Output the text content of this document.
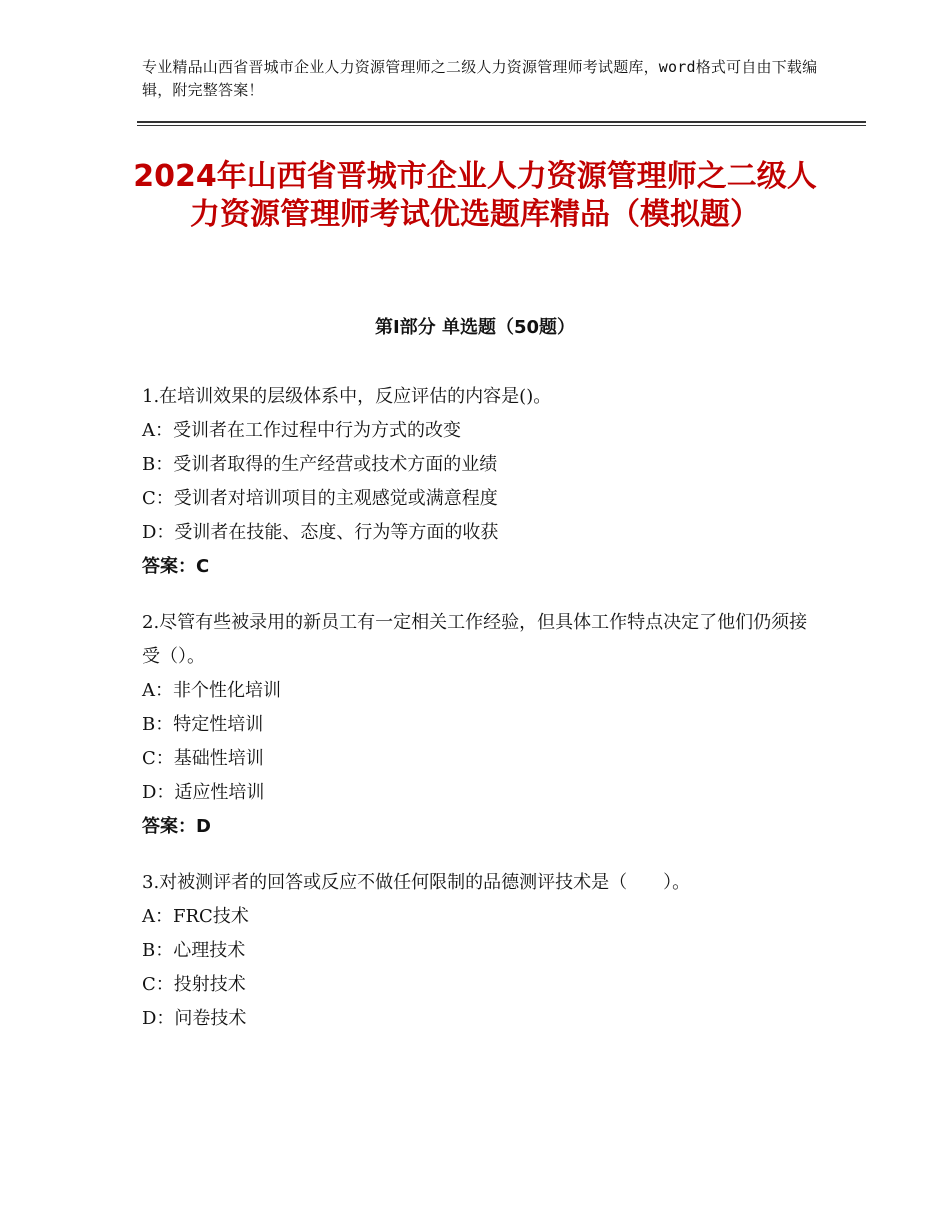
专业精品山西省晋城市企业人力资源管理师之二级人力资源管理师考试题库，word格式可自由下载编辑，附完整答案！
2024年山西省晋城市企业人力资源管理师之二级人力资源管理师考试优选题库精品（模拟题）
第Ⅰ部分 单选题（50题）

1.在培训效果的层级体系中，反应评估的内容是()。

A：受训者在工作过程中行为方式的改变

B：受训者取得的生产经营或技术方面的业绩

C：受训者对培训项目的主观感觉或满意程度

D：受训者在技能、态度、行为等方面的收获

答案：C

2.尽管有些被录用的新员工有一定相关工作经验，但具体工作特点决定了他们仍须接受（）。

A：非个性化培训

B：特定性培训

C：基础性培训

D：适应性培训

答案：D

3.对被测评者的回答或反应不做任何限制的品德测评技术是（　　）。

A：FRC技术

B：心理技术

C：投射技术

D：问卷技术
